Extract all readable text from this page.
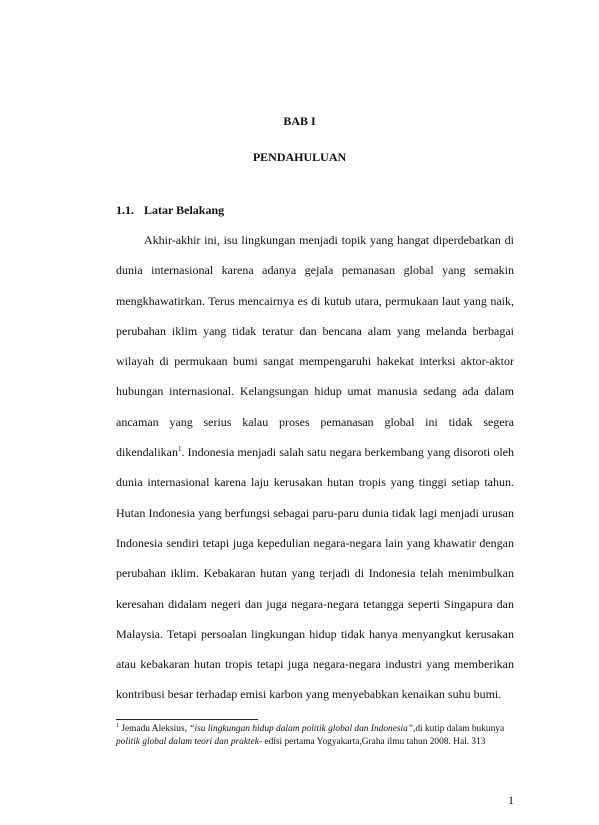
BAB I

PENDAHULUAN

1.1. Latar Belakang

Akhir-akhir ini, isu lingkungan menjadi topik yang hangat diperdebatkan di dunia internasional karena adanya gejala pemanasan global yang semakin mengkhawatirkan. Terus mencairnya es di kutub utara, permukaan laut yang naik, perubahan iklim yang tidak teratur dan bencana alam yang melanda berbagai wilayah di permukaan bumi sangat mempengaruhi hakekat interksi aktor-aktor hubungan internasional. Kelangsungan hidup umat manusia sedang ada dalam ancaman yang serius kalau proses pemanasan global ini tidak segera dikendalikan$^1$. Indonesia menjadi salah satu negara berkembang yang disoroti oleh dunia internasional karena laju kerusakan hutan tropis yang tinggi setiap tahun. Hutan Indonesia yang berfungsi sebagai paru-paru dunia tidak lagi menjadi urusan Indonesia sendiri tetapi juga kepedulian negara-negara lain yang khawatir dengan perubahan iklim. Kebakaran hutan yang terjadi di Indonesia telah menimbulkan keresahan didalam negeri dan juga negara-negara tetangga seperti Singapura dan Malaysia. Tetapi persoalan lingkungan hidup tidak hanya menyangkut kerusakan atau kebakaran hutan tropis tetapi juga negara-negara industri yang memberikan kontribusi besar terhadap emisi karbon yang menyebabkan kenaikan suhu bumi.

$^1$ Jemadu Aleksius, “isu lingkungan hidup dalam politik global dan Indonesia”,di kutip dalam bukunya politik global dalam teori dan praktek- edisi pertama Yogyakarta,Graha ilmu tahun 2008. Hal. 313

1
